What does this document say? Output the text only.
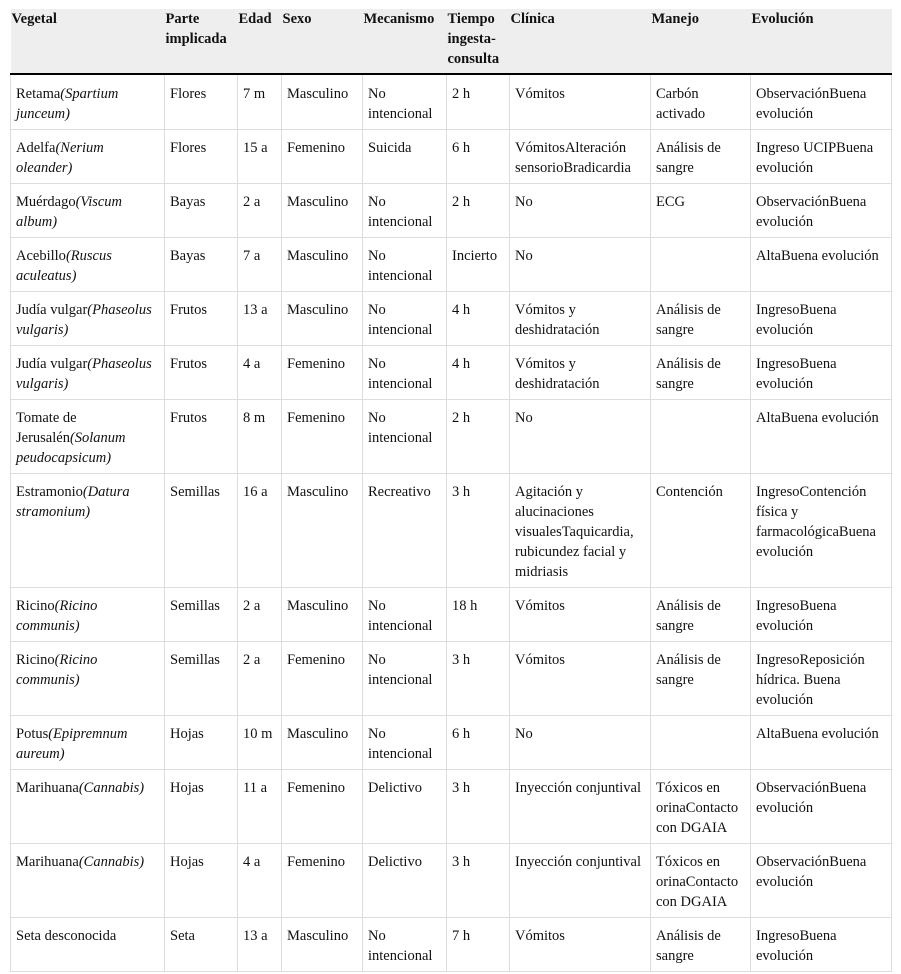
Vegetal	Parte implicada	Edad	Sexo	Mecanismo	Tiempo ingesta-consulta	Clínica	Manejo	Evolución
Retama(Spartium junceum)	Flores	7 m	Masculino	No intencional	2 h	Vómitos	Carbón activado	ObservaciónBuena evolución
Adelfa(Nerium oleander)	Flores	15 a	Femenino	Suicida	6 h	VómitosAlteración sensorioBradicardia	Análisis de sangre	Ingreso UCIPBuena evolución
Muérdago(Viscum album)	Bayas	2 a	Masculino	No intencional	2 h	No	ECG	ObservaciónBuena evolución
Acebillo(Ruscus aculeatus)	Bayas	7 a	Masculino	No intencional	Incierto	No		AltaBuena evolución
Judía vulgar(Phaseolus vulgaris)	Frutos	13 a	Masculino	No intencional	4 h	Vómitos y deshidratación	Análisis de sangre	IngresoBuena evolución
Judía vulgar(Phaseolus vulgaris)	Frutos	4 a	Femenino	No intencional	4 h	Vómitos y deshidratación	Análisis de sangre	IngresoBuena evolución
Tomate de Jerusalén(Solanum peudocapsicum)	Frutos	8 m	Femenino	No intencional	2 h	No		AltaBuena evolución
Estramonio(Datura stramonium)	Semillas	16 a	Masculino	Recreativo	3 h	Agitación y alucinaciones visualesTaquicardia, rubicundez facial y midriasis	Contención	IngresoContención física y farmacológicaBuena evolución
Ricino(Ricino communis)	Semillas	2 a	Masculino	No intencional	18 h	Vómitos	Análisis de sangre	IngresoBuena evolución
Ricino(Ricino communis)	Semillas	2 a	Femenino	No intencional	3 h	Vómitos	Análisis de sangre	IngresoReposición hídrica. Buena evolución
Potus(Epipremnum aureum)	Hojas	10 m	Masculino	No intencional	6 h	No		AltaBuena evolución
Marihuana(Cannabis)	Hojas	11 a	Femenino	Delictivo	3 h	Inyección conjuntival	Tóxicos en orinaContacto con DGAIA	ObservaciónBuena evolución
Marihuana(Cannabis)	Hojas	4 a	Femenino	Delictivo	3 h	Inyección conjuntival	Tóxicos en orinaContacto con DGAIA	ObservaciónBuena evolución
Seta desconocida	Seta	13 a	Masculino	No intencional	7 h	Vómitos	Análisis de sangre	IngresoBuena evolución
